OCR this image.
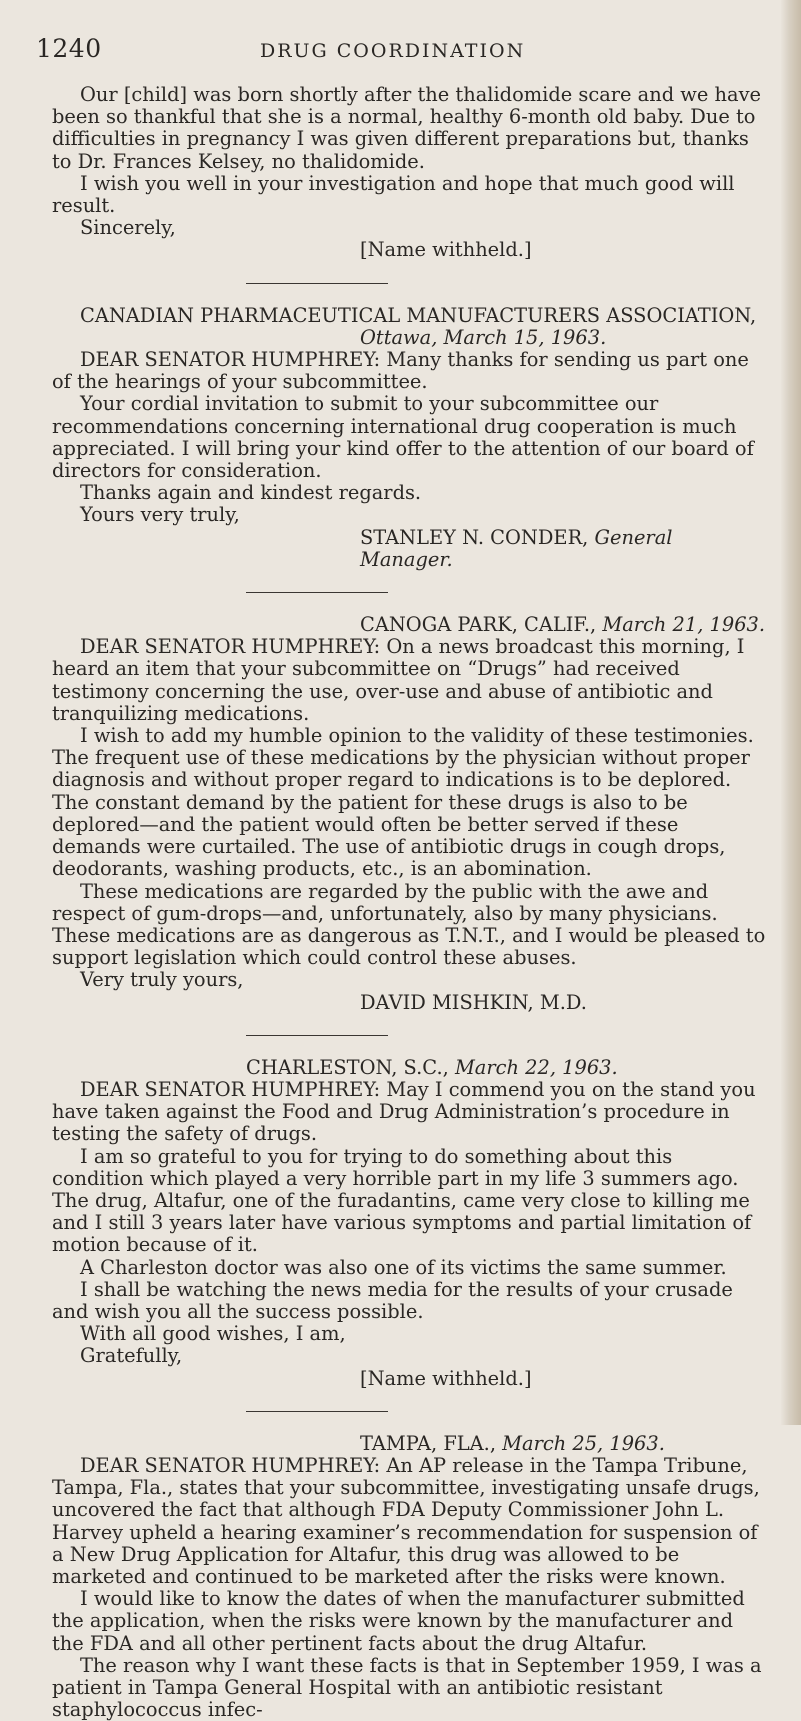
1240	DRUG COORDINATION

Our [child] was born shortly after the thalidomide scare and we have been so thankful that she is a normal, healthy 6-month old baby. Due to difficulties in pregnancy I was given different preparations but, thanks to Dr. Frances Kelsey, no thalidomide.

I wish you well in your investigation and hope that much good will result.

Sincerely,

[Name withheld.]

CANADIAN PHARMACEUTICAL MANUFACTURERS ASSOCIATION,

Ottawa, March 15, 1963.

DEAR SENATOR HUMPHREY: Many thanks for sending us part one of the hearings of your subcommittee.

Your cordial invitation to submit to your subcommittee our recommendations concerning international drug cooperation is much appreciated. I will bring your kind offer to the attention of our board of directors for consideration.

Thanks again and kindest regards.

Yours very truly,

STANLEY N. CONDER, General Manager.

CANOGA PARK, CALIF., March 21, 1963.

DEAR SENATOR HUMPHREY: On a news broadcast this morning, I heard an item that your subcommittee on “Drugs” had received testimony concerning the use, over-use and abuse of antibiotic and tranquilizing medications.

I wish to add my humble opinion to the validity of these testimonies. The frequent use of these medications by the physician without proper diagnosis and without proper regard to indications is to be deplored. The constant demand by the patient for these drugs is also to be deplored—and the patient would often be better served if these demands were curtailed. The use of antibiotic drugs in cough drops, deodorants, washing products, etc., is an abomination.

These medications are regarded by the public with the awe and respect of gum-drops—and, unfortunately, also by many physicians. These medications are as dangerous as T.N.T., and I would be pleased to support legislation which could control these abuses.

Very truly yours,

DAVID MISHKIN, M.D.

CHARLESTON, S.C., March 22, 1963.

DEAR SENATOR HUMPHREY: May I commend you on the stand you have taken against the Food and Drug Administration’s procedure in testing the safety of drugs.

I am so grateful to you for trying to do something about this condition which played a very horrible part in my life 3 summers ago. The drug, Altafur, one of the furadantins, came very close to killing me and I still 3 years later have various symptoms and partial limitation of motion because of it.

A Charleston doctor was also one of its victims the same summer.

I shall be watching the news media for the results of your crusade and wish you all the success possible.

With all good wishes, I am,

Gratefully,

[Name withheld.]

TAMPA, FLA., March 25, 1963.

DEAR SENATOR HUMPHREY: An AP release in the Tampa Tribune, Tampa, Fla., states that your subcommittee, investigating unsafe drugs, uncovered the fact that although FDA Deputy Commissioner John L. Harvey upheld a hearing examiner’s recommendation for suspension of a New Drug Application for Altafur, this drug was allowed to be marketed and continued to be marketed after the risks were known.

I would like to know the dates of when the manufacturer submitted the application, when the risks were known by the manufacturer and the FDA and all other pertinent facts about the drug Altafur.

The reason why I want these facts is that in September 1959, I was a patient in Tampa General Hospital with an antibiotic resistant staphylococcus infec-
